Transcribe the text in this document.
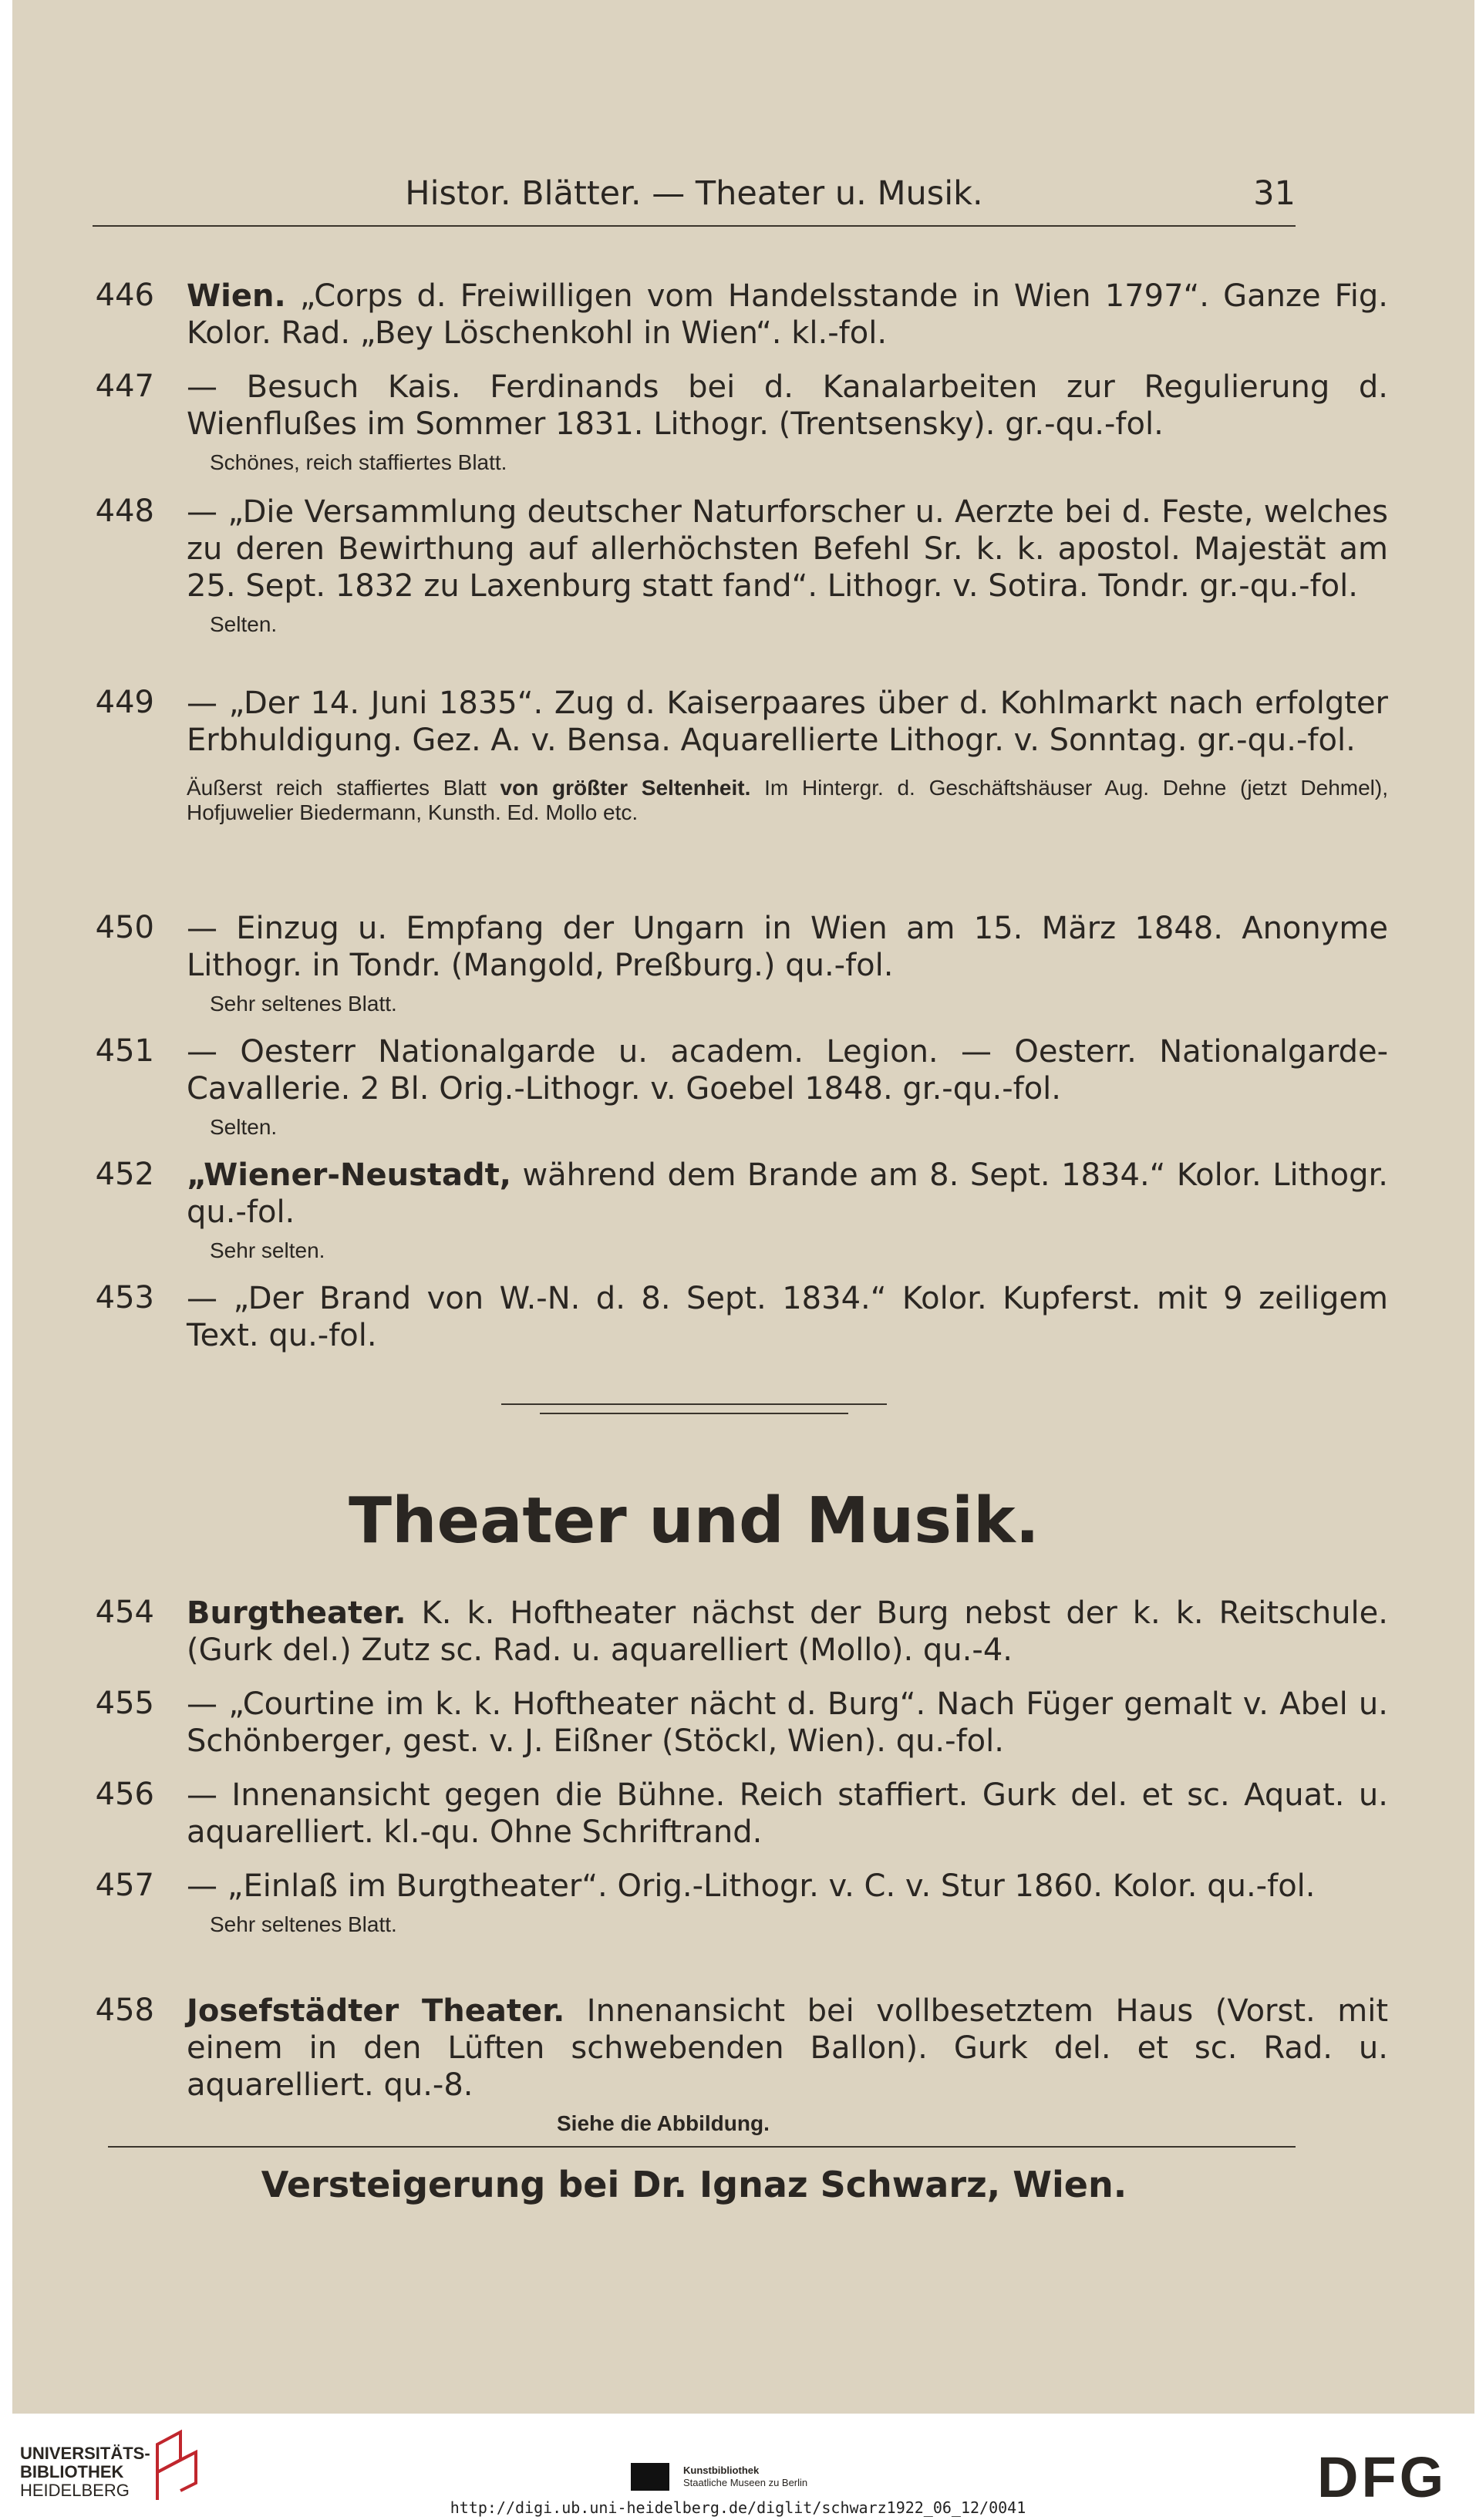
Histor. Blätter. — Theater u. Musik.	31
446 Wien. „Corps d. Freiwilligen vom Handelsstande in Wien 1797“. Ganze Fig. Kolor. Rad. „Bey Löschenkohl in Wien“. kl.-fol.
447 — Besuch Kais. Ferdinands bei d. Kanalarbeiten zur Regulierung d. Wienflußes im Sommer 1831. Lithogr. (Trentsensky). gr.-qu.-fol.
Schönes, reich staffiertes Blatt.
448 — „Die Versammlung deutscher Naturforscher u. Aerzte bei d. Feste, welches zu deren Bewirthung auf allerhöchsten Befehl Sr. k. k. apostol. Majestät am 25. Sept. 1832 zu Laxenburg statt fand“. Lithogr. v. Sotira. Tondr. gr.-qu.-fol.
Selten.
449 — „Der 14. Juni 1835“. Zug d. Kaiserpaares über d. Kohlmarkt nach erfolgter Erbhuldigung. Gez. A. v. Bensa. Aquarellierte Lithogr. v. Sonntag. gr.-qu.-fol.
Äußerst reich staffiertes Blatt von größter Seltenheit. Im Hintergr. d. Geschäftshäuser Aug. Dehne (jetzt Dehmel), Hofjuwelier Biedermann, Kunsth. Ed. Mollo etc.
450 — Einzug u. Empfang der Ungarn in Wien am 15. März 1848. Anonyme Lithogr. in Tondr. (Mangold, Preßburg.) qu.-fol.
Sehr seltenes Blatt.
451 — Oesterr Nationalgarde u. academ. Legion. — Oesterr. Nationalgarde-Cavallerie. 2 Bl. Orig.-Lithogr. v. Goebel 1848. gr.-qu.-fol.
Selten.
452 „Wiener-Neustadt, während dem Brande am 8. Sept. 1834.“ Kolor. Lithogr. qu.-fol.
Sehr selten.
453 — „Der Brand von W.-N. d. 8. Sept. 1834.“ Kolor. Kupferst. mit 9 zeiligem Text. qu.-fol.
Theater und Musik.
454 Burgtheater. K. k. Hoftheater nächst der Burg nebst der k. k. Reitschule. (Gurk del.) Zutz sc. Rad. u. aquarelliert (Mollo). qu.-4.
455 — „Courtine im k. k. Hoftheater nächt d. Burg“. Nach Füger gemalt v. Abel u. Schönberger, gest. v. J. Eißner (Stöckl, Wien). qu.-fol.
456 — Innenansicht gegen die Bühne. Reich staffiert. Gurk del. et sc. Aquat. u. aquarelliert. kl.-qu. Ohne Schriftrand.
457 — „Einlaß im Burgtheater“. Orig.-Lithogr. v. C. v. Stur 1860. Kolor. qu.-fol.
Sehr seltenes Blatt.
458 Josefstädter Theater. Innenansicht bei vollbesetztem Haus (Vorst. mit einem in den Lüften schwebenden Ballon). Gurk del. et sc. Rad. u. aquarelliert. qu.-8.
Siehe die Abbildung.
Versteigerung bei Dr. Ignaz Schwarz, Wien.
UNIVERSITÄTS-
BIBLIOTHEK
HEIDELBERG
Kunstbibliothek
Staatliche Museen zu Berlin	DFG
http://digi.ub.uni-heidelberg.de/diglit/schwarz1922_06_12/0041
